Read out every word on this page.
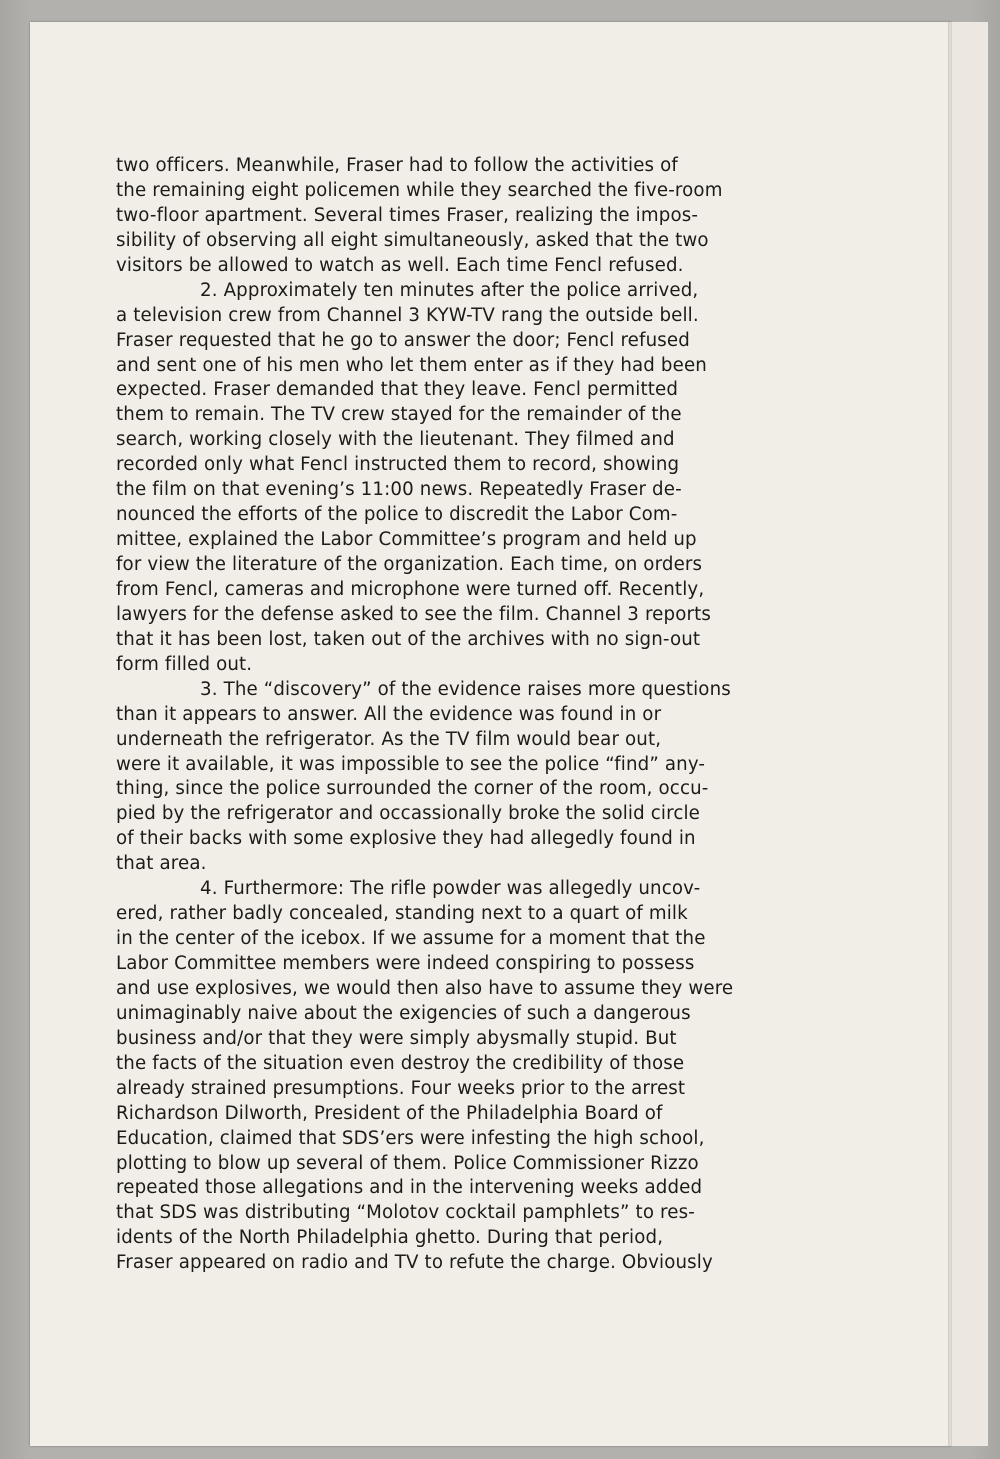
two officers. Meanwhile, Fraser had to follow the activities of
the remaining eight policemen while they searched the five-room
two-floor apartment. Several times Fraser, realizing the impos-
sibility of observing all eight simultaneously, asked that the two
visitors be allowed to watch as well. Each time Fencl refused.
2. Approximately ten minutes after the police arrived,
a television crew from Channel 3 KYW-TV rang the outside bell.
Fraser requested that he go to answer the door; Fencl refused
and sent one of his men who let them enter as if they had been
expected. Fraser demanded that they leave. Fencl permitted
them to remain. The TV crew stayed for the remainder of the
search, working closely with the lieutenant. They filmed and
recorded only what Fencl instructed them to record, showing
the film on that evening’s 11:00 news. Repeatedly Fraser de-
nounced the efforts of the police to discredit the Labor Com-
mittee, explained the Labor Committee’s program and held up
for view the literature of the organization. Each time, on orders
from Fencl, cameras and microphone were turned off. Recently,
lawyers for the defense asked to see the film. Channel 3 reports
that it has been lost, taken out of the archives with no sign-out
form filled out.
3. The “discovery” of the evidence raises more questions
than it appears to answer. All the evidence was found in or
underneath the refrigerator. As the TV film would bear out,
were it available, it was impossible to see the police “find” any-
thing, since the police surrounded the corner of the room, occu-
pied by the refrigerator and occassionally broke the solid circle
of their backs with some explosive they had allegedly found in
that area.
4. Furthermore: The rifle powder was allegedly uncov-
ered, rather badly concealed, standing next to a quart of milk
in the center of the icebox. If we assume for a moment that the
Labor Committee members were indeed conspiring to possess
and use explosives, we would then also have to assume they were
unimaginably naive about the exigencies of such a dangerous
business and/or that they were simply abysmally stupid. But
the facts of the situation even destroy the credibility of those
already strained presumptions. Four weeks prior to the arrest
Richardson Dilworth, President of the Philadelphia Board of
Education, claimed that SDS’ers were infesting the high school,
plotting to blow up several of them. Police Commissioner Rizzo
repeated those allegations and in the intervening weeks added
that SDS was distributing “Molotov cocktail pamphlets” to res-
idents of the North Philadelphia ghetto. During that period,
Fraser appeared on radio and TV to refute the charge. Obviously
